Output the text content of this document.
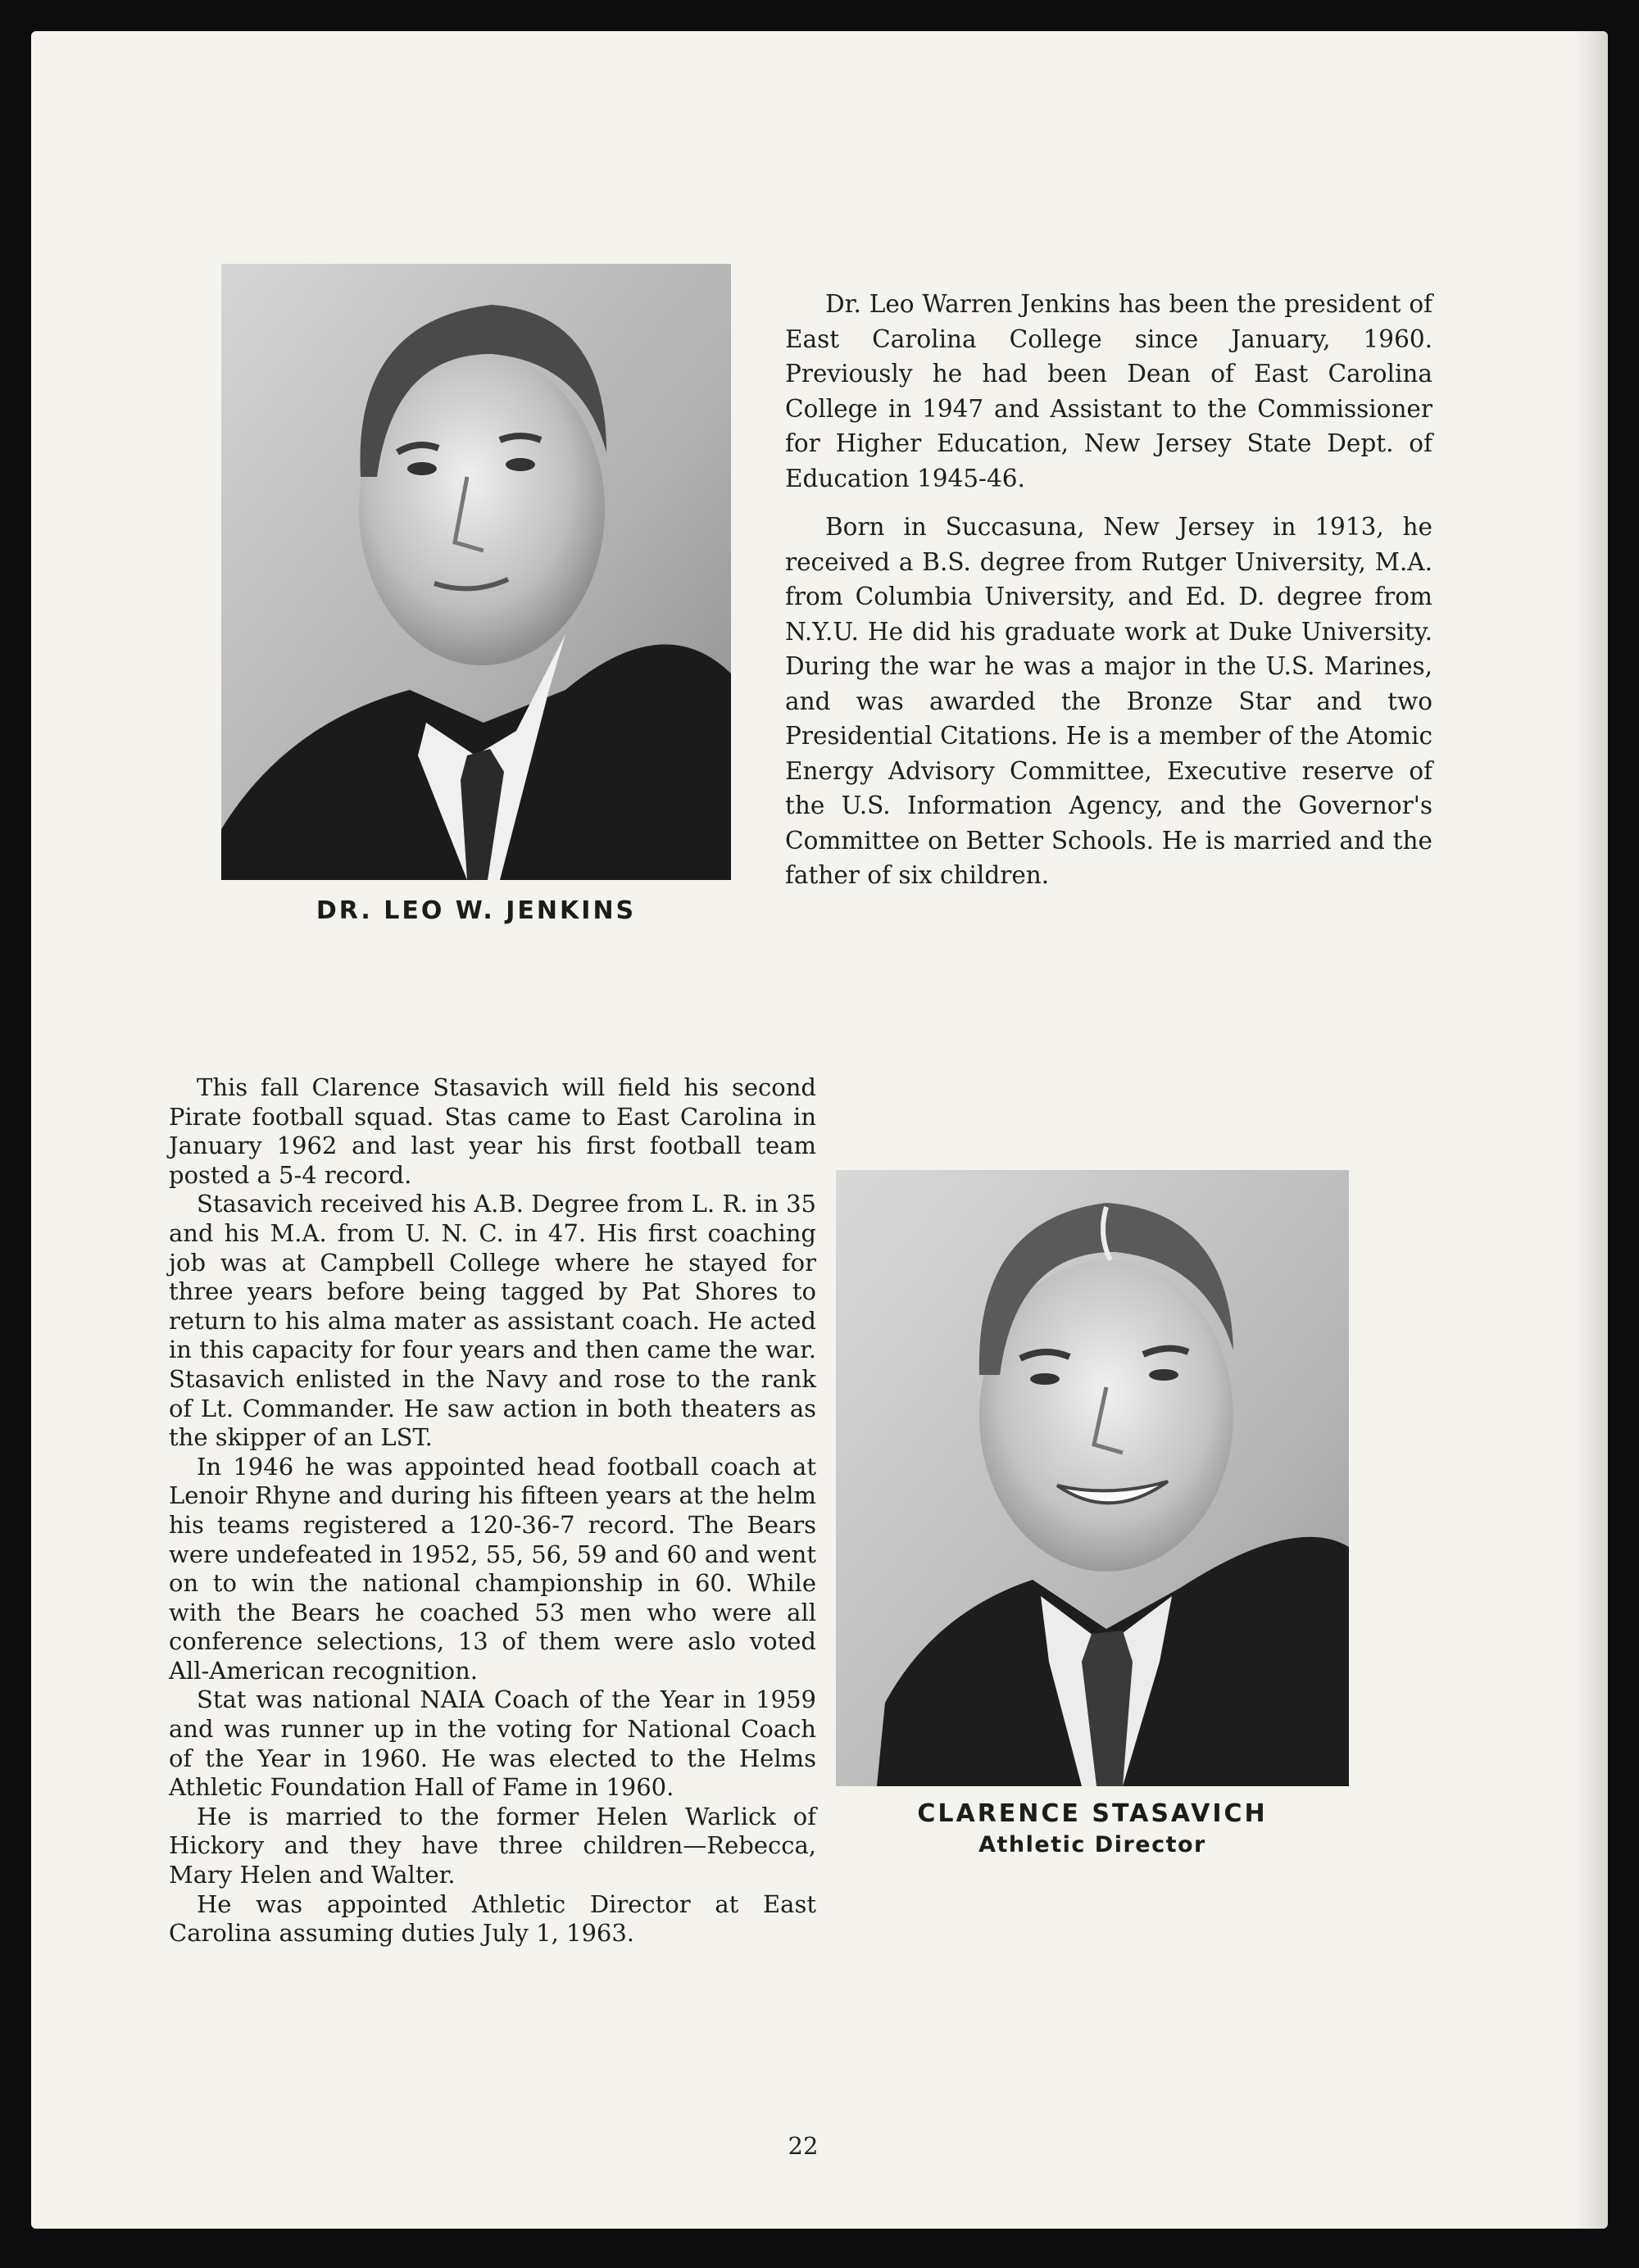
DR. LEO W. JENKINS

Dr. Leo Warren Jenkins has been the president of East Carolina College since January, 1960. Previously he had been Dean of East Carolina College in 1947 and Assistant to the Commissioner for Higher Education, New Jersey State Dept. of Education 1945-46.

Born in Succasuna, New Jersey in 1913, he received a B.S. degree from Rutger University, M.A. from Columbia University, and Ed. D. degree from N.Y.U. He did his graduate work at Duke University. During the war he was a major in the U.S. Marines, and was awarded the Bronze Star and two Presidential Citations. He is a member of the Atomic Energy Advisory Committee, Executive reserve of the U.S. Information Agency, and the Governor's Committee on Better Schools. He is married and the father of six children.

This fall Clarence Stasavich will field his second Pirate football squad. Stas came to East Carolina in January 1962 and last year his first football team posted a 5-4 record.

Stasavich received his A.B. Degree from L. R. in 35 and his M.A. from U. N. C. in 47. His first coaching job was at Campbell College where he stayed for three years before being tagged by Pat Shores to return to his alma mater as assistant coach. He acted in this capacity for four years and then came the war. Stasavich enlisted in the Navy and rose to the rank of Lt. Commander. He saw action in both theaters as the skipper of an LST.

In 1946 he was appointed head football coach at Lenoir Rhyne and during his fifteen years at the helm his teams registered a 120-36-7 record. The Bears were undefeated in 1952, 55, 56, 59 and 60 and went on to win the national championship in 60. While with the Bears he coached 53 men who were all conference selections, 13 of them were aslo voted All-American recognition.

Stat was national NAIA Coach of the Year in 1959 and was runner up in the voting for National Coach of the Year in 1960. He was elected to the Helms Athletic Foundation Hall of Fame in 1960.

He is married to the former Helen Warlick of Hickory and they have three children—Rebecca, Mary Helen and Walter.

He was appointed Athletic Director at East Carolina assuming duties July 1, 1963.

CLARENCE STASAVICH
Athletic Director
22
